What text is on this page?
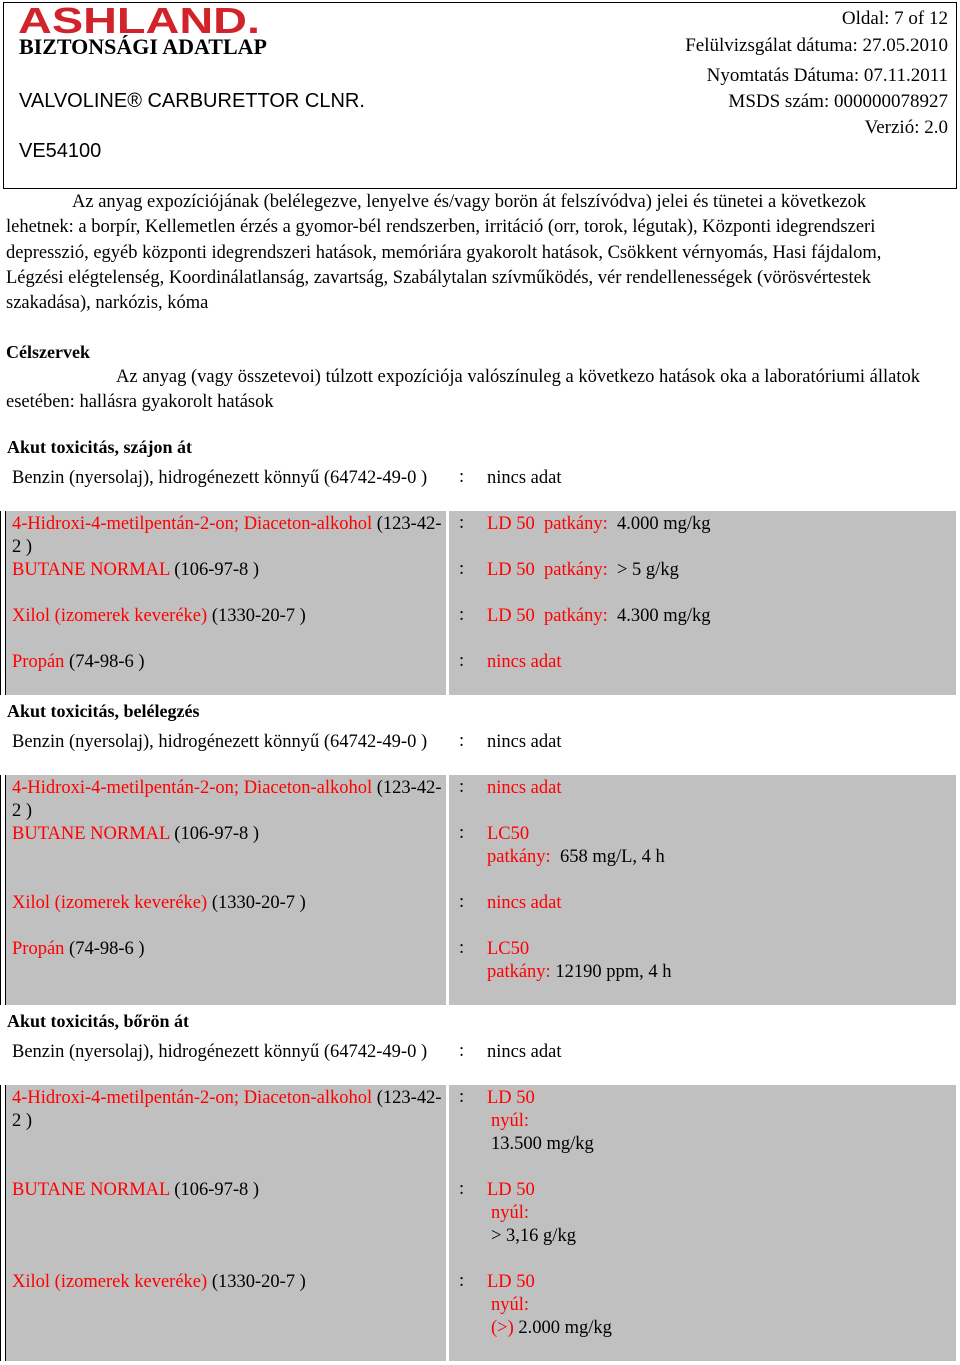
ASHLAND.
BIZTONSÁGI ADATLAP
VALVOLINE® CARBURETTOR CLNR.
VE54100
Oldal: 7 of 12
Felülvizsgálat dátuma: 27.05.2010
Nyomtatás Dátuma: 07.11.2011
MSDS szám: 000000078927
Verzió: 2.0
Az anyag expozíciójának (belélegezve, lenyelve és/vagy borön át felszívódva) jelei és tünetei a következok lehetnek: a borpír, Kellemetlen érzés a gyomor-bél rendszerben, irritáció (orr, torok, légutak), Központi idegrendszeri depresszió, egyéb központi idegrendszeri hatások, memóriára gyakorolt hatások, Csökkent vérnyomás, Hasi fájdalom, Légzési elégtelenség, Koordinálatlanság, zavartság, Szabálytalan szívműködés, vér rendellenességek (vörösvértestek szakadása), narkózis, kóma
Célszervek
Az anyag (vagy összetevoi) túlzott expozíciója valószínuleg a következo hatások oka a laboratóriumi állatok esetében: hallásra gyakorolt hatások
Akut toxicitás, szájon át
Benzin (nyersolaj), hidrogénezett könnyű (64742-49-0 )	: nincs adat
4-Hidroxi-4-metilpentán-2-on; Diaceton-alkohol (123-42-2 )
: LD 50  patkány:  4.000 mg/kg
BUTANE NORMAL (106-97-8 )	: LD 50  patkány:  > 5 g/kg
Xilol (izomerek keveréke) (1330-20-7 )	: LD 50  patkány:  4.300 mg/kg
Propán (74-98-6 )	: nincs adat
Akut toxicitás, belélegzés
Benzin (nyersolaj), hidrogénezett könnyű (64742-49-0 )	: nincs adat
4-Hidroxi-4-metilpentán-2-on; Diaceton-alkohol (123-42-2 )
: nincs adat
BUTANE NORMAL (106-97-8 )	: LC50
patkány:  658 mg/L, 4 h
Xilol (izomerek keveréke) (1330-20-7 )	: nincs adat
Propán (74-98-6 )	: LC50
patkány: 12190 ppm, 4 h
Akut toxicitás, bőrön át
Benzin (nyersolaj), hidrogénezett könnyű (64742-49-0 )	: nincs adat
4-Hidroxi-4-metilpentán-2-on; Diaceton-alkohol (123-42-2 )
: LD 50
nyúl:
13.500 mg/kg
BUTANE NORMAL (106-97-8 )	: LD 50
nyúl:
> 3,16 g/kg
Xilol (izomerek keveréke) (1330-20-7 )	: LD 50
nyúl:
(>) 2.000 mg/kg
